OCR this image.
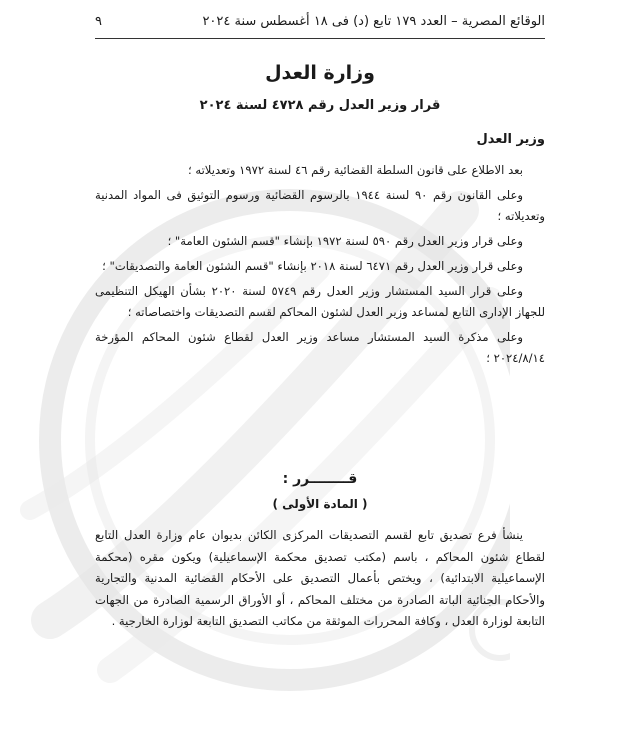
الوقائع المصرية – العدد ١٧٩ تابع (د) فى ١٨ أغسطس سنة ٢٠٢٤
٩
وزارة العدل
قرار وزير العدل رقم ٤٧٢٨ لسنة ٢٠٢٤
وزير العدل

بعد الاطلاع على قانون السلطة القضائية رقم ٤٦ لسنة ١٩٧٢ وتعديلاته ؛

وعلى القانون رقم ٩٠ لسنة ١٩٤٤ بالرسوم القضائية ورسوم التوثيق فى المواد المدنية وتعديلاته ؛

وعلى قرار وزير العدل رقم ٥٩٠ لسنة ١٩٧٢ بإنشاء "قسم الشئون العامة" ؛

وعلى قرار وزير العدل رقم ٦٤٧١ لسنة ٢٠١٨ بإنشاء "قسم الشئون العامة والتصديقات" ؛

وعلى قرار السيد المستشار وزير العدل رقم ٥٧٤٩ لسنة ٢٠٢٠ بشأن الهيكل التنظيمى للجهاز الإدارى التابع لمساعد وزير العدل لشئون المحاكم لقسم التصديقات واختصاصاته ؛

وعلى مذكرة السيد المستشار مساعد وزير العدل لقطاع شئون المحاكم المؤرخة ٢٠٢٤/٨/١٤ ؛

قــــــــرر :
( المادة الأولى )

ينشأ فرع تصديق تابع لقسم التصديقات المركزى الكائن بديوان عام وزارة العدل التابع لقطاع شئون المحاكم ، باسم (مكتب تصديق محكمة الإسماعيلية) ويكون مقره (محكمة الإسماعيلية الابتدائية) ، ويختص بأعمال التصديق على الأحكام القضائية المدنية والتجارية والأحكام الجنائية الباتة الصادرة من مختلف المحاكم ، أو الأوراق الرسمية الصادرة من الجهات التابعة لوزارة العدل ، وكافة المحررات الموثقة من مكاتب التصديق التابعة لوزارة الخارجية .
